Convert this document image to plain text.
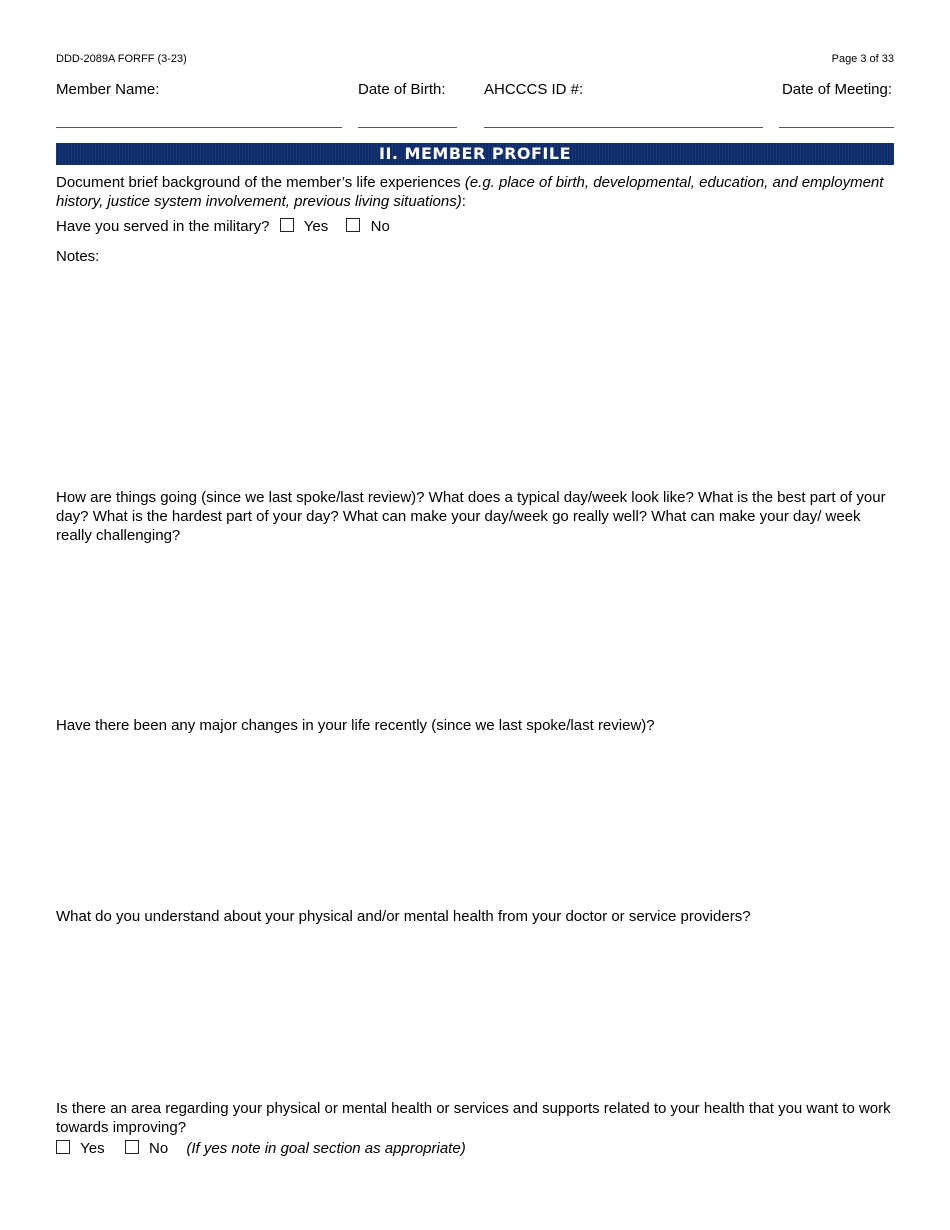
DDD-2089A FORFF (3-23)	Page 3 of 33
Member Name:	Date of Birth:	AHCCCS ID #:	Date of Meeting:
II. MEMBER PROFILE
Document brief background of the member’s life experiences (e.g. place of birth, developmental, education, and employment history, justice system involvement, previous living situations):
Have you served in the military? Yes	No
Notes:
How are things going (since we last spoke/last review)? What does a typical day/week look like? What is the best part of your day? What is the hardest part of your day? What can make your day/week go really well? What can make your day/ week really challenging?
Have there been any major changes in your life recently (since we last spoke/last review)?
What do you understand about your physical and/or mental health from your doctor or service providers?
Is there an area regarding your physical or mental health or services and supports related to your health that you want to work towards improving?
Yes	No (If yes note in goal section as appropriate)
